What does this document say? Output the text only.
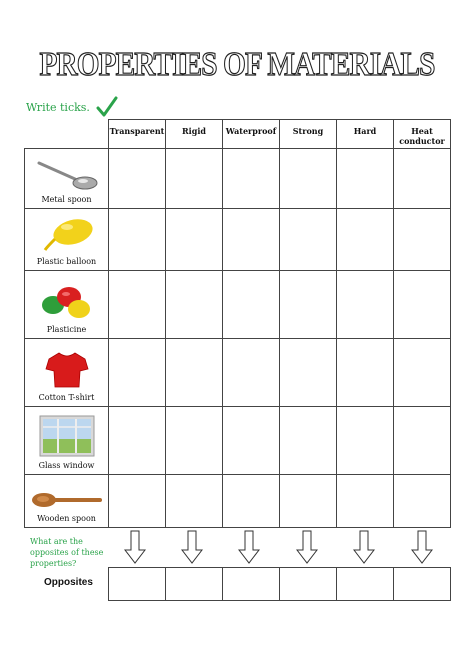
PROPERTIES OF MATERIALS
Write ticks.
	Transparent	Rigid	Waterproof	Strong	Hard	Heat conductor

Metal spoon						

Plastic balloon						

Plasticine						

Cotton T-shirt						

Glass window						

Wooden spoon						

What are the opposites of these properties?
Opposites
